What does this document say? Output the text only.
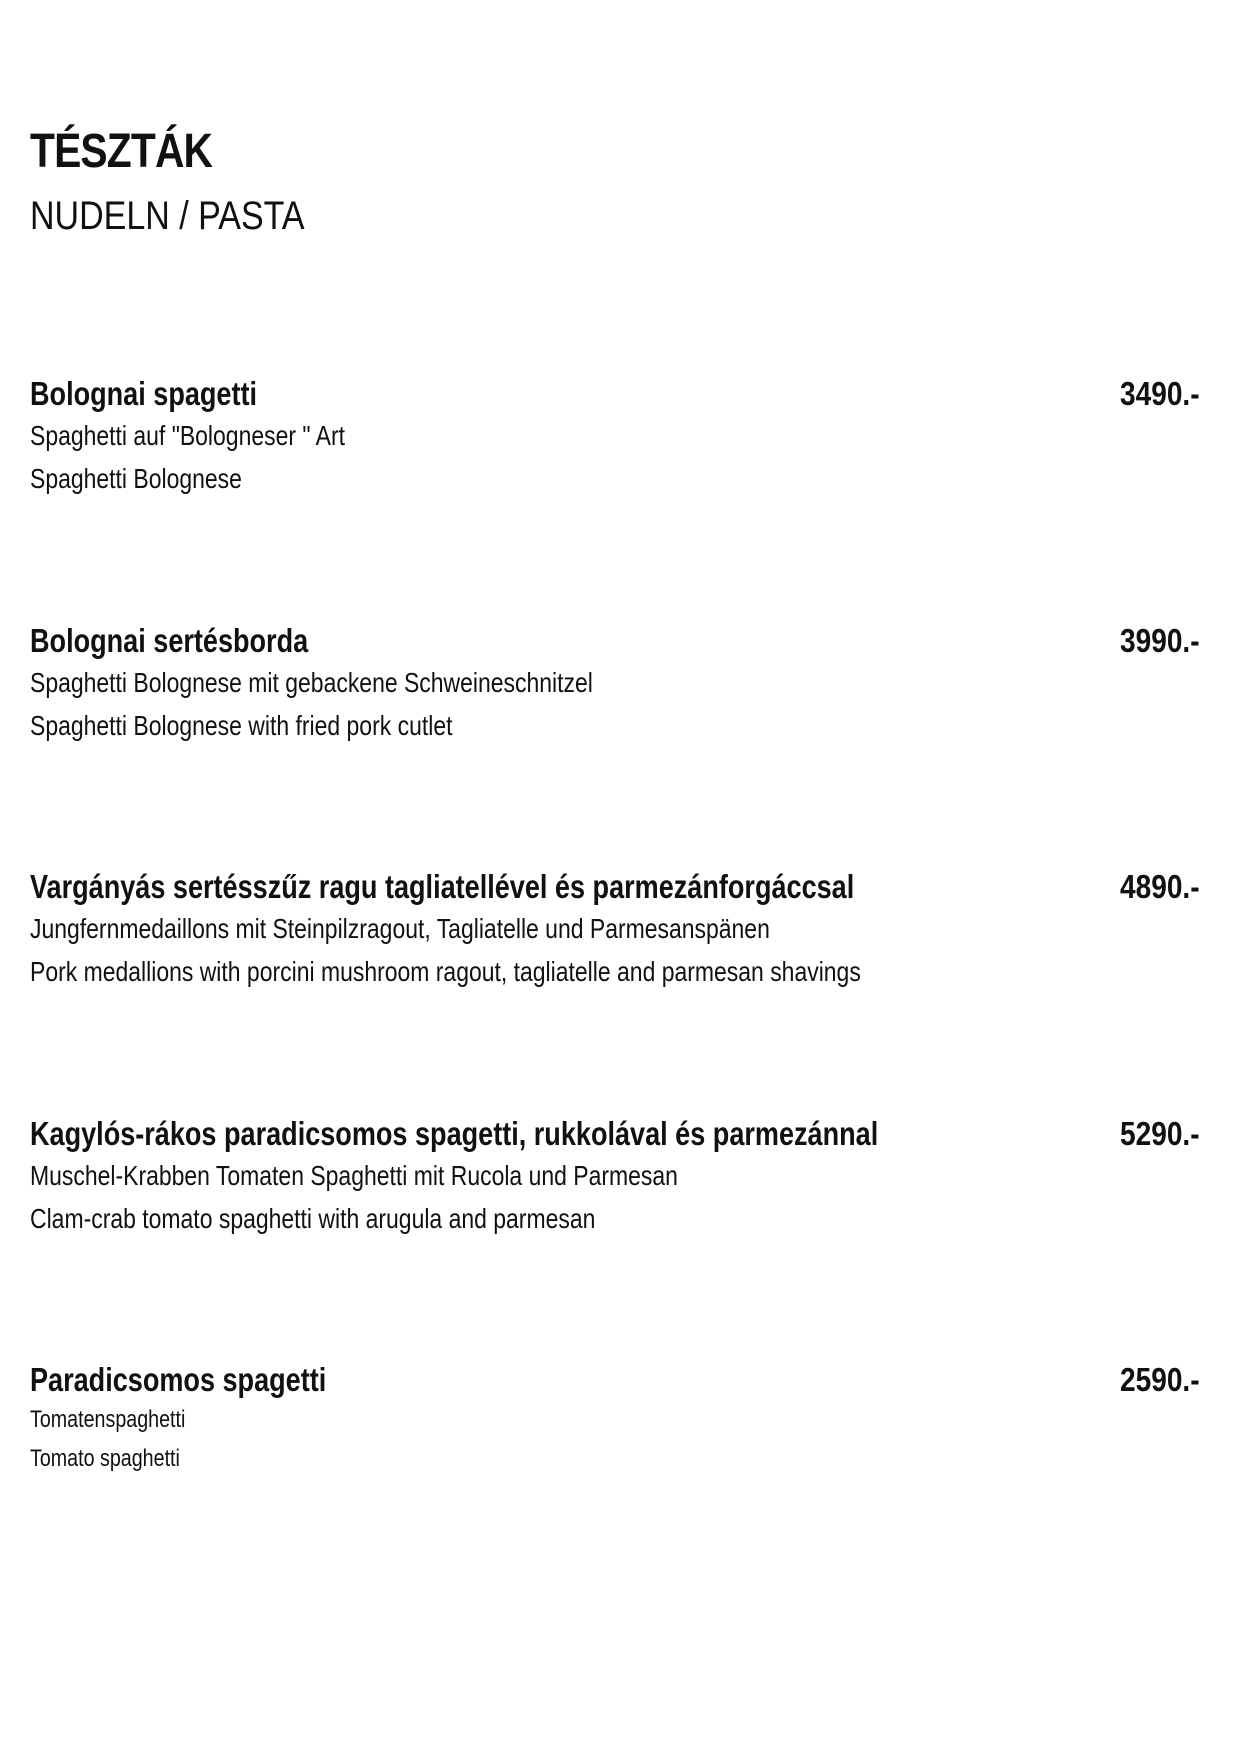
TÉSZTÁK
NUDELN / PASTA
Bolognai spagetti	3490.-
Spaghetti auf "Bologneser " Art
Spaghetti Bolognese
Bolognai sertésborda	3990.-
Spaghetti Bolognese mit gebackene Schweineschnitzel
Spaghetti Bolognese with fried pork cutlet
Vargányás sertésszűz ragu tagliatellével és parmezánforgáccsal	4890.-
Jungfernmedaillons mit Steinpilzragout, Tagliatelle und Parmesanspänen
Pork medallions with porcini mushroom ragout, tagliatelle and parmesan shavings
Kagylós-rákos paradicsomos spagetti, rukkolával és parmezánnal	5290.-
Muschel-Krabben Tomaten Spaghetti mit Rucola und Parmesan
Clam-crab tomato spaghetti with arugula and parmesan
Paradicsomos spagetti	2590.-
Tomatenspaghetti
Tomato spaghetti
